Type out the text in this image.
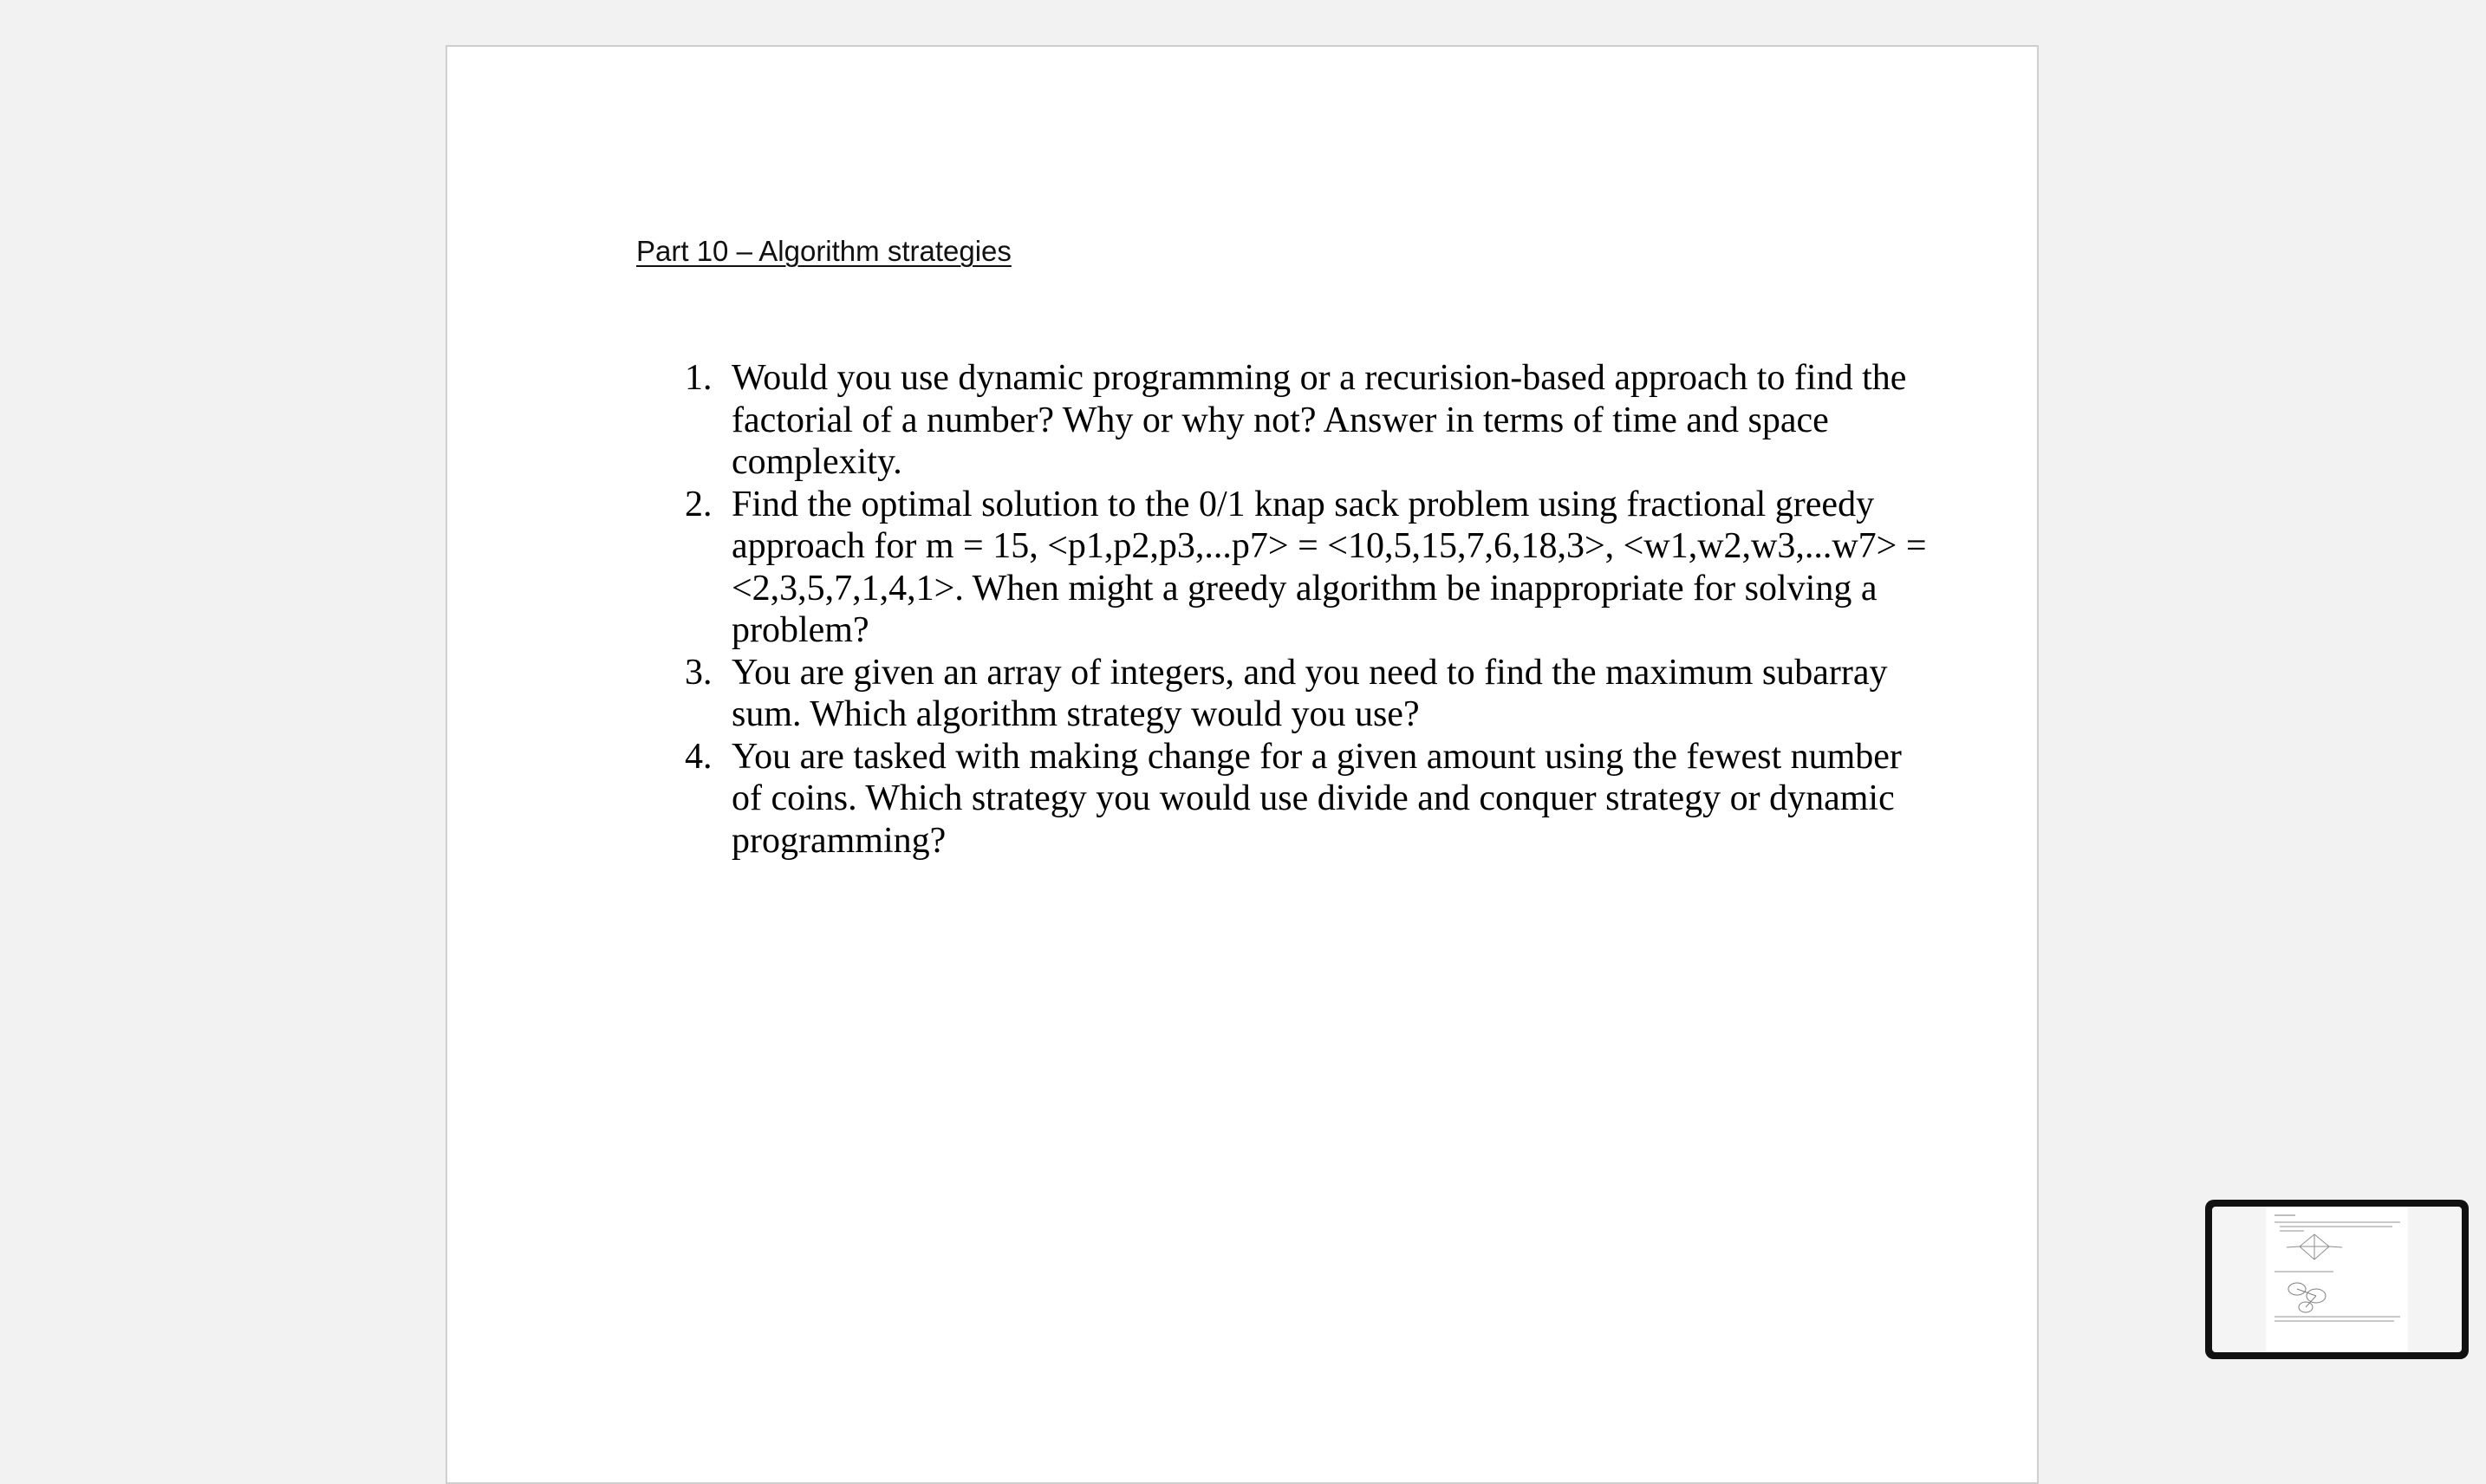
Part 10 – Algorithm strategies
1. Would you use dynamic programming or a recurision-based approach to find the factorial of a number? Why or why not? Answer in terms of time and space complexity.
2. Find the optimal solution to the 0/1 knap sack problem using fractional greedy approach for m = 15, <p1,p2,p3,...p7> = <10,5,15,7,6,18,3>, <w1,w2,w3,...w7> = <2,3,5,7,1,4,1>. When might a greedy algorithm be inappropriate for solving a problem?
3. You are given an array of integers, and you need to find the maximum subarray sum. Which algorithm strategy would you use?
4. You are tasked with making change for a given amount using the fewest number of coins. Which strategy you would use divide and conquer strategy or dynamic programming?
